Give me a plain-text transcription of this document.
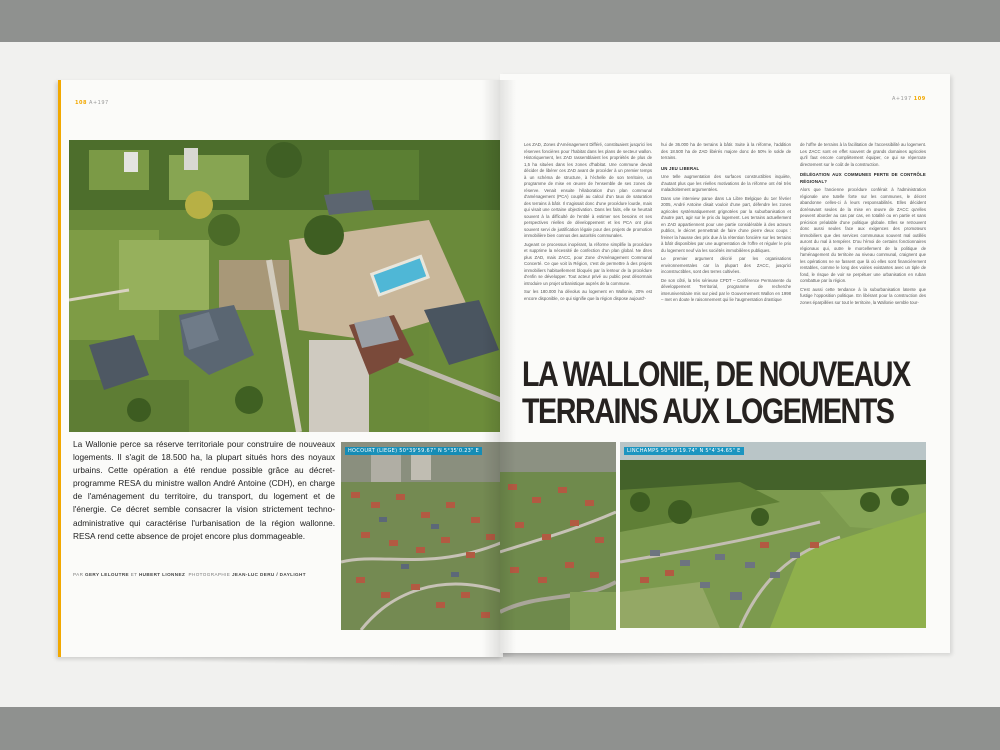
108 A+197
La Wallonie perce sa réserve territoriale pour construire de nouveaux logements. Il s'agit de 18.500 ha, la plupart situés hors des noyaux urbains. Cette opération a été rendue possible grâce au décret-programme RESA du ministre wallon André Antoine (CDH), en charge de l'aménagement du territoire, du transport, du logement et de l'énergie. Ce décret semble consacrer la vision strictement techno-administrative qui caractérise l'urbanisation de la région wallonne. RESA rend cette absence de projet encore plus dommageable.
PAR GERY LELOUTRE ET HUBERT LIONNEZ PHOTOGRAPHIE JEAN-LUC DERU / DAYLIGHT
HOCOURT (LIEGE) 50°39'59.67" N 5°35'0.23" E
A+197 109

Les ZAD, Zones d'Aménagement Différé, constituaient jusqu'ici les réserves foncières pour l'habitat dans les plans de secteur wallon. Historiquement, les ZAD rassemblaient les propriétés de plus de 1,5 ha situées dans les zones d'habitat. Une commune devait décider de libérer ces ZAD avant de procéder à un premier temps à un schéma de structure, à l'échelle de son territoire, un programme de mise en œuvre de l'ensemble de ses zones de réserve. Venait ensuite l'élaboration d'un plan communal d'aménagement (PCA) couplé au calcul d'un taux de saturation des terrains à bâtir. Il s'agissait donc d'une procédure lourde, mais qui visait une certaine objectivation. Dans les faits, elle se heurtait souvent à la difficulté de l'entité à estimer ses besoins et ses perspectives réelles de développement et les PCA ont plus souvent servi de justification légale pour des projets de promotion immobilière bien connus des autorités communales.

Jugeant ce processus inopérant, la réforme simplifie la procédure et supprime la nécessité de confection d'un plan global. Ne dites plus ZAD, mais ZACC, pour Zone d'Aménagement Communal Concerté. Ce que voit la Région, c'est de permettre à des projets immobiliers habituellement bloqués par la lenteur de la procédure d'enfin se développer. Tout acteur privé ou public peut désormais introduire un projet urbanistique auprès de la commune.

Sur les 180.000 ha dévolus au logement en Wallonie, 20% est encore disponible, ce qui signifie que la région dispose aujourd'-

hui de 36.000 ha de terrains à bâtir. Suite à la réforme, l'addition des 18.500 ha de ZAD libérés majore donc de 50% le solde de terrains.

UN JEU LIBERAL

Une telle augmentation des surfaces constructibles inquiète, d'autant plus que les réelles motivations de la réforme ont été très maladroitement argumentées.

Dans une interview parue dans La Libre Belgique du 1er février 2005, André Antoine disait vouloir d'une part, défendre les zones agricoles systématiquement grignotées par la suburbanisation et d'autre part, agir sur le prix du logement. Les terrains actuellement en ZAD appartiennent pour une partie considérable à des acteurs publics, le décret permettrait de faire d'une pierre deux coups : freiner la hausse des prix due à la rétention foncière sur les terrains à bâtir disponibles par une augmentation de l'offre et réguler le prix du logement neuf via les sociétés immobilières publiques.

Le premier argument décrié par les organisations environnementales car la plupart des ZACC, jusqu'ici inconstructibles, sont des terres cultivées.

De son côté, la très sérieuse CPDT – Conférence Permanente du développement Territorial, programme de recherche interuniversitaire mis sur pied par le Gouvernement Wallon en 1998 – met en doute le raisonnement qui lie l'augmentation drastique

de l'offre de terrains à la facilitation de l'accessibilité au logement. Les ZACC sont en effet souvent de grands domaines agricoles qu'il faut encore complètement équiper, ce qui se répercute directement sur le coût de la construction.

DÉLÉGATION AUX COMMUNES PERTE DE CONTRÔLE RÉGIONAL?

Alors que l'ancienne procédure conférait à l'administration régionale une tutelle forte sur les communes, le décret abandonne celles-ci à leurs responsabilités. Elles décident dorénavant seules de la mise en œuvre de ZACC qu'elles peuvent aborder au cas par cas, en totalité ou en partie et sans précision préalable d'une politique globale. Elles se retrouvent donc aussi seules face aux exigences des promoteurs immobiliers que des services communaux souvent mal outillés auront du mal à tempérer. D'ou l'émoi de certains fonctionnaires régionaux qui, outre le morcellement de la politique de l'aménagement du territoire au niveau communal, craignent que les opérations ne se fassent que là où elles sont financièrement rentables, comme le long des voiries existantes avec un tiple de fond, le risque de voir se perpétuer une urbanisation en ruban combattue par la région.

C'est aussi cette tendance à la suburbanisation latente que fustige l'opposition politique. En libérant pour la construction des zones éparpillées sur tout le territoire, la Wallonie semble tour-

LA WALLONIE, DE NOUVEAUX
TERRAINS AUX LOGEMENTS
LINCHAMPS 50°39'19.74" N 5°4'34.65" E
